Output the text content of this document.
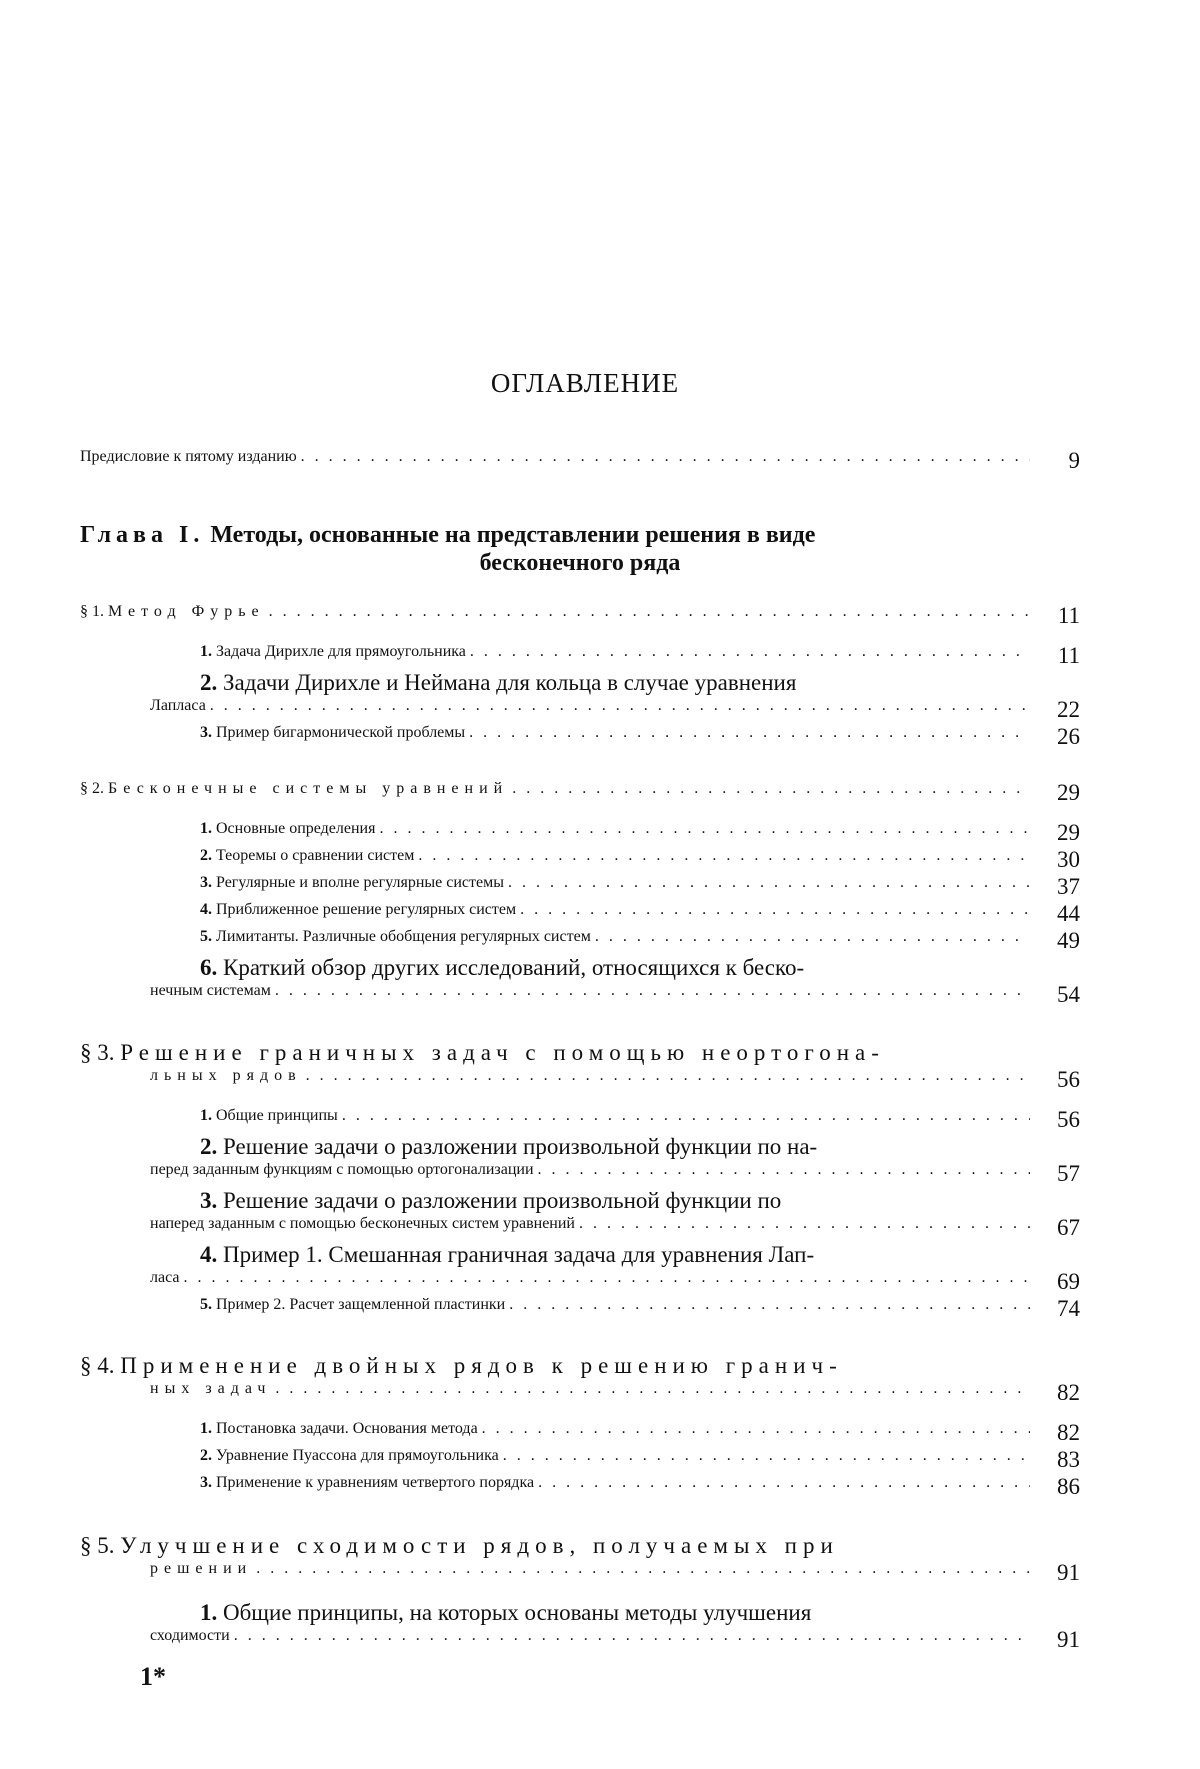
ОГЛАВЛЕНИЕ
Предисловие к пятому изданию . . .	9
Глава I. Методы, основанные на представлении решения в виде
бесконечного ряда
§ 1. Метод Фурье . . .	11
1. Задача Дирихле для прямоугольника . . .	11
2. Задачи Дирихле и Неймана для кольца в случае уравнения
Лапласа . . .	22
3. Пример бигармонической проблемы . . .	26
§ 2. Бесконечные системы уравнений . . .	29
1. Основные определения . . .	29
2. Теоремы о сравнении систем . . .	30
3. Регулярные и вполне регулярные системы . . .	37
4. Приближенное решение регулярных систем . . .	44
5. Лимитанты. Различные обобщения регулярных систем . . .	49
6. Краткий обзор других исследований, относящихся к беско-
нечным системам . . .	54
§ 3. Решение граничных задач с помощью неортогона-
льных рядов . . .	56
1. Общие принципы . . .	56
2. Решение задачи о разложении произвольной функции по на-
перед заданным функциям с помощью ортогонализации . . .	57
3. Решение задачи о разложении произвольной функции по
наперед заданным с помощью бесконечных систем уравнений . . .	67
4. Пример 1. Смешанная граничная задача для уравнения Лап-
ласа . . .	69
5. Пример 2. Расчет защемленной пластинки . . .	74
§ 4. Применение двойных рядов к решению гранич-
ных задач . . .	82
1. Постановка задачи. Основания метода . . .	82
2. Уравнение Пуассона для прямоугольника . . .	83
3. Применение к уравнениям четвертого порядка . . .	86
§ 5. Улучшение сходимости рядов, получаемых при
решении . . .	91
1. Общие принципы, на которых основаны методы улучшения
сходимости . . .	91
1*
